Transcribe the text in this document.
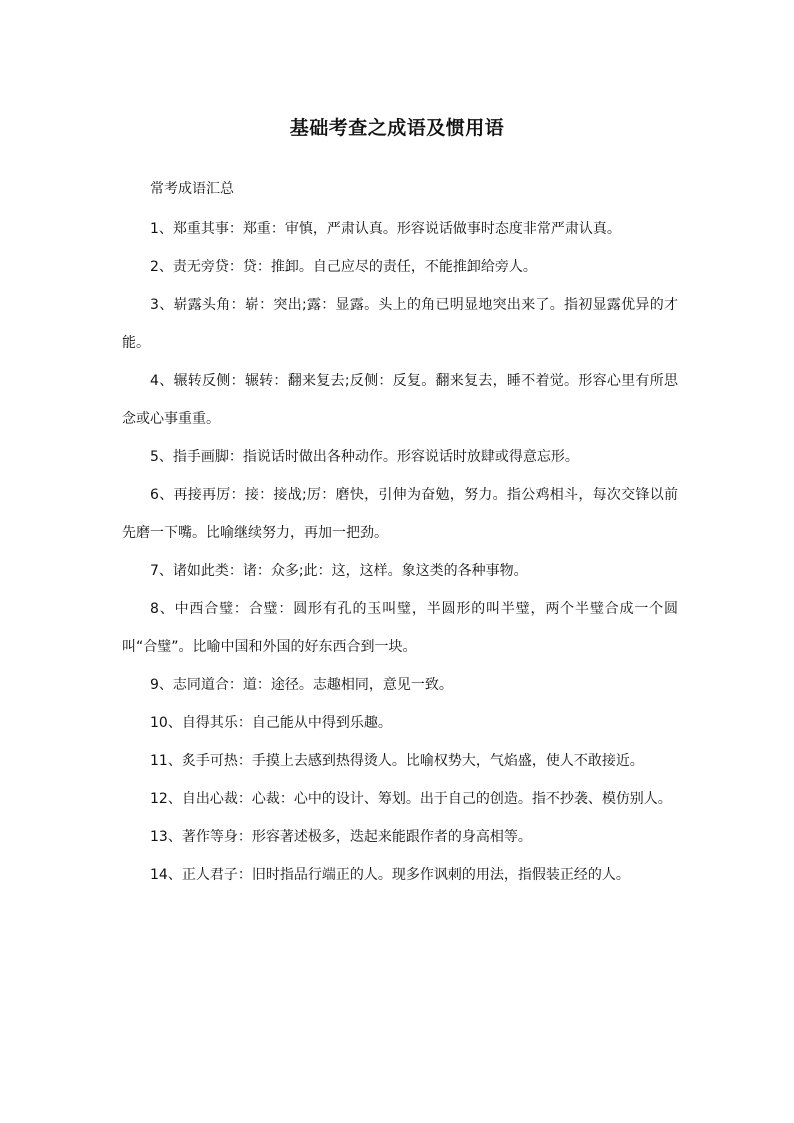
基础考查之成语及惯用语

常考成语汇总

1、郑重其事：郑重：审慎，严肃认真。形容说话做事时态度非常严肃认真。

2、责无旁贷：贷：推卸。自己应尽的责任，不能推卸给旁人。

3、崭露头角：崭：突出;露：显露。头上的角已明显地突出来了。指初显露优异的才能。

4、辗转反侧：辗转：翻来复去;反侧：反复。翻来复去，睡不着觉。形容心里有所思念或心事重重。

5、指手画脚：指说话时做出各种动作。形容说话时放肆或得意忘形。

6、再接再厉：接：接战;厉：磨快，引伸为奋勉，努力。指公鸡相斗，每次交锋以前先磨一下嘴。比喻继续努力，再加一把劲。

7、诸如此类：诸：众多;此：这，这样。象这类的各种事物。

8、中西合璧：合璧：圆形有孔的玉叫璧，半圆形的叫半璧，两个半璧合成一个圆叫“合璧”。比喻中国和外国的好东西合到一块。

9、志同道合：道：途径。志趣相同，意见一致。

10、自得其乐：自己能从中得到乐趣。

11、炙手可热：手摸上去感到热得烫人。比喻权势大，气焰盛，使人不敢接近。

12、自出心裁：心裁：心中的设计、筹划。出于自己的创造。指不抄袭、模仿别人。

13、著作等身：形容著述极多，迭起来能跟作者的身高相等。

14、正人君子：旧时指品行端正的人。现多作讽刺的用法，指假装正经的人。
